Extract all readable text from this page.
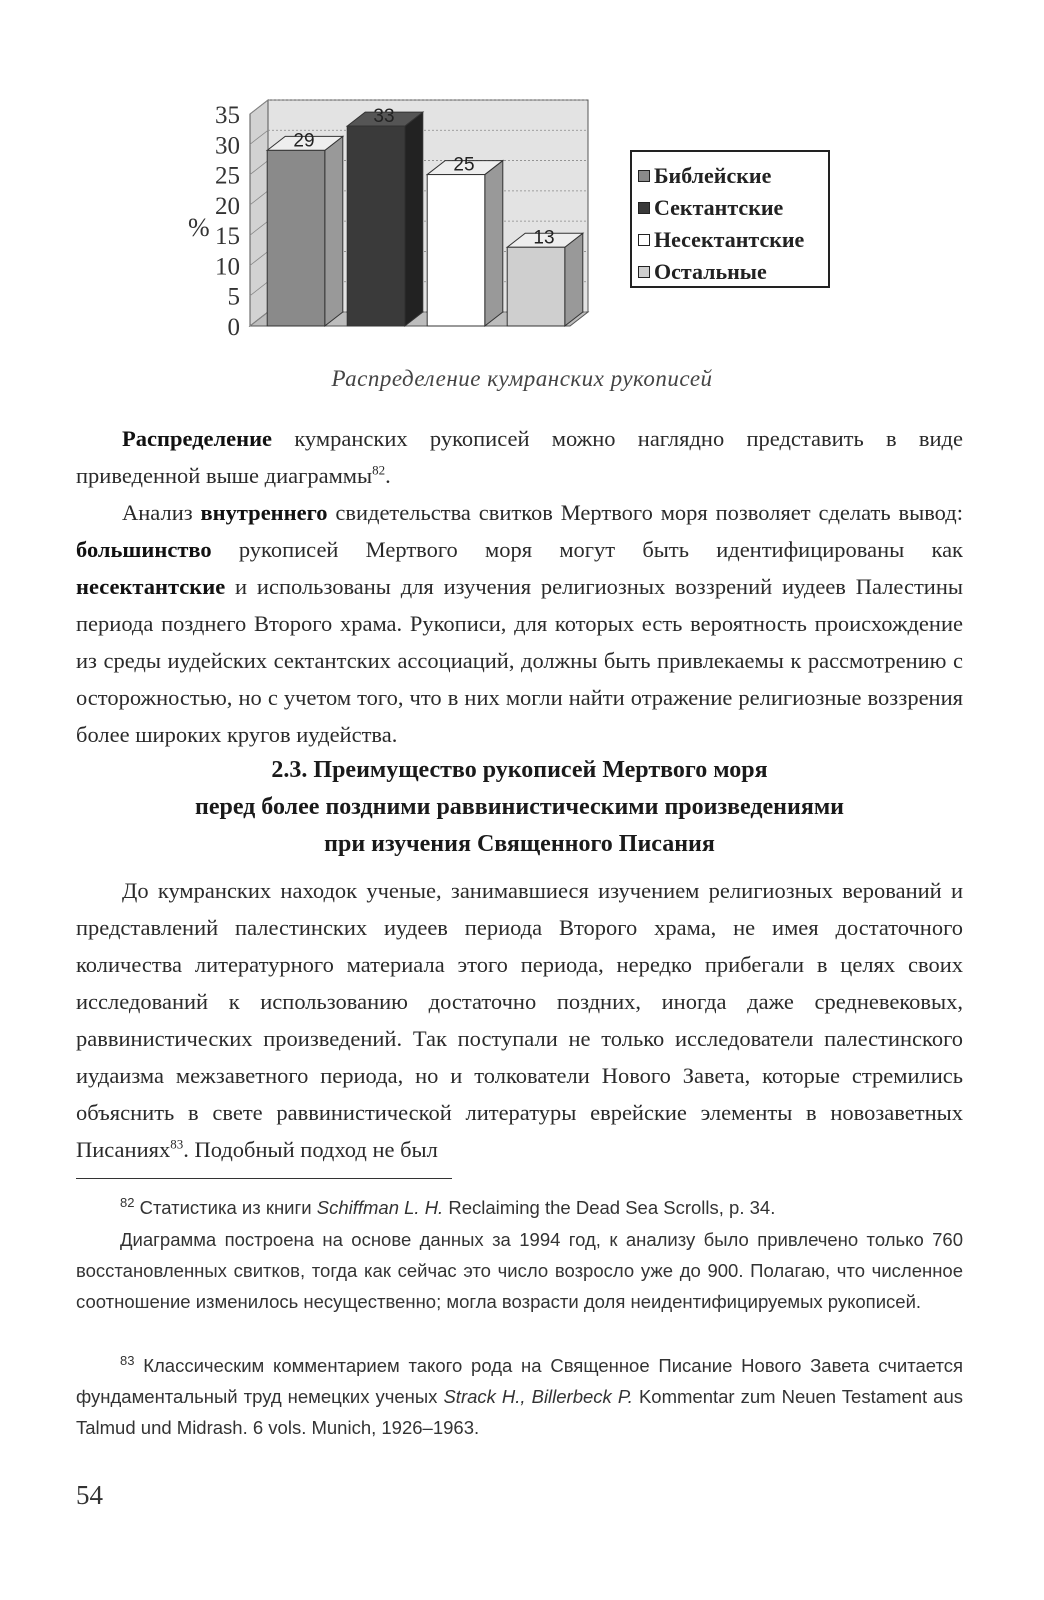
0
5
10
15
20
25
30
35
29
33
25
13
%
Библейские
Сектантские
Несектантские
Остальные
Распределение кумранских рукописей

Распределение кумранских рукописей можно наглядно представить в виде приведенной выше диаграммы$^{82}$.

Анализ внутреннего свидетельства свитков Мертвого моря позволяет сделать вывод: большинство рукописей Мертвого моря могут быть идентифицированы как несектантские и использованы для изучения религиозных воззрений иудеев Палестины периода позднего Второго храма. Рукописи, для которых есть вероятность происхождение из среды иудейских сектантских ассоциаций, должны быть привлекаемы к рассмотрению с осторожностью, но с учетом того, что в них могли найти отражение религиозные воззрения более широких кругов иудейства.

2.3. Преимущество рукописей Мертвого моря
перед более поздними раввинистическими произведениями
при изучения Священного Писания

До кумранских находок ученые, занимавшиеся изучением религиозных верований и представлений палестинских иудеев периода Второго храма, не имея достаточного количества литературного материала этого периода, нередко прибегали в целях своих исследований к использованию достаточно поздних, иногда даже средневековых, раввинистических произведений. Так поступали не только исследователи палестинского иудаизма межзаветного периода, но и толкователи Нового Завета, которые стремились объяснить в свете раввинистической литературы еврейские элементы в новозаветных Писаниях$^{83}$. Подобный подход не был

$^{82}$ Статистика из книги Schiffman L. H. Reclaiming the Dead Sea Scrolls, p. 34.

Диаграмма построена на основе данных за 1994 год, к анализу было привлечено только 760 восстановленных свитков, тогда как сейчас это число возросло уже до 900. Полагаю, что численное соотношение изменилось несущественно; могла возрасти доля неидентифицируемых рукописей.

$^{83}$ Классическим комментарием такого рода на Священное Писание Нового Завета считается фундаментальный труд немецких ученых Strack H., Billerbeck P. Kommentar zum Neuen Testament aus Talmud und Midrash. 6 vols. Munich, 1926–1963.

54
